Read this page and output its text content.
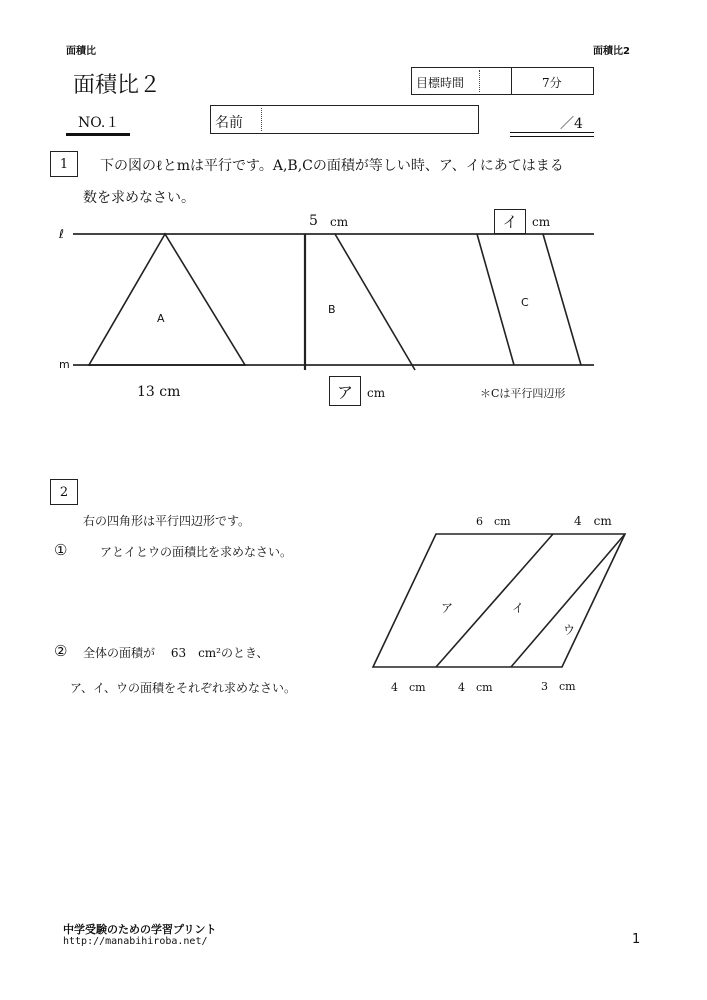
面積比	面積比2
面積比２	目標時間	7分
NO.１	名前	／4
1	下の図のℓとmは平行です。A,B,Cの面積が等しい時、ア、イにあてはまる
数を求めなさい。
ℓ
m
5 cm	イ	cm
A
B
C
13 cm	ア	cm	＊Cは平行四辺形
2
右の四角形は平行四辺形です。
①	アとイとウの面積比を求めなさい。
② 全体の面積が　 63　cm²のとき、
ア、イ、ウの面積をそれぞれ求めなさい。
6　cm	4　cm
4　cm	4　cm	3　cm
ア	イ
ウ
中学受験のための学習プリント
http://manabihiroba.net/	1
